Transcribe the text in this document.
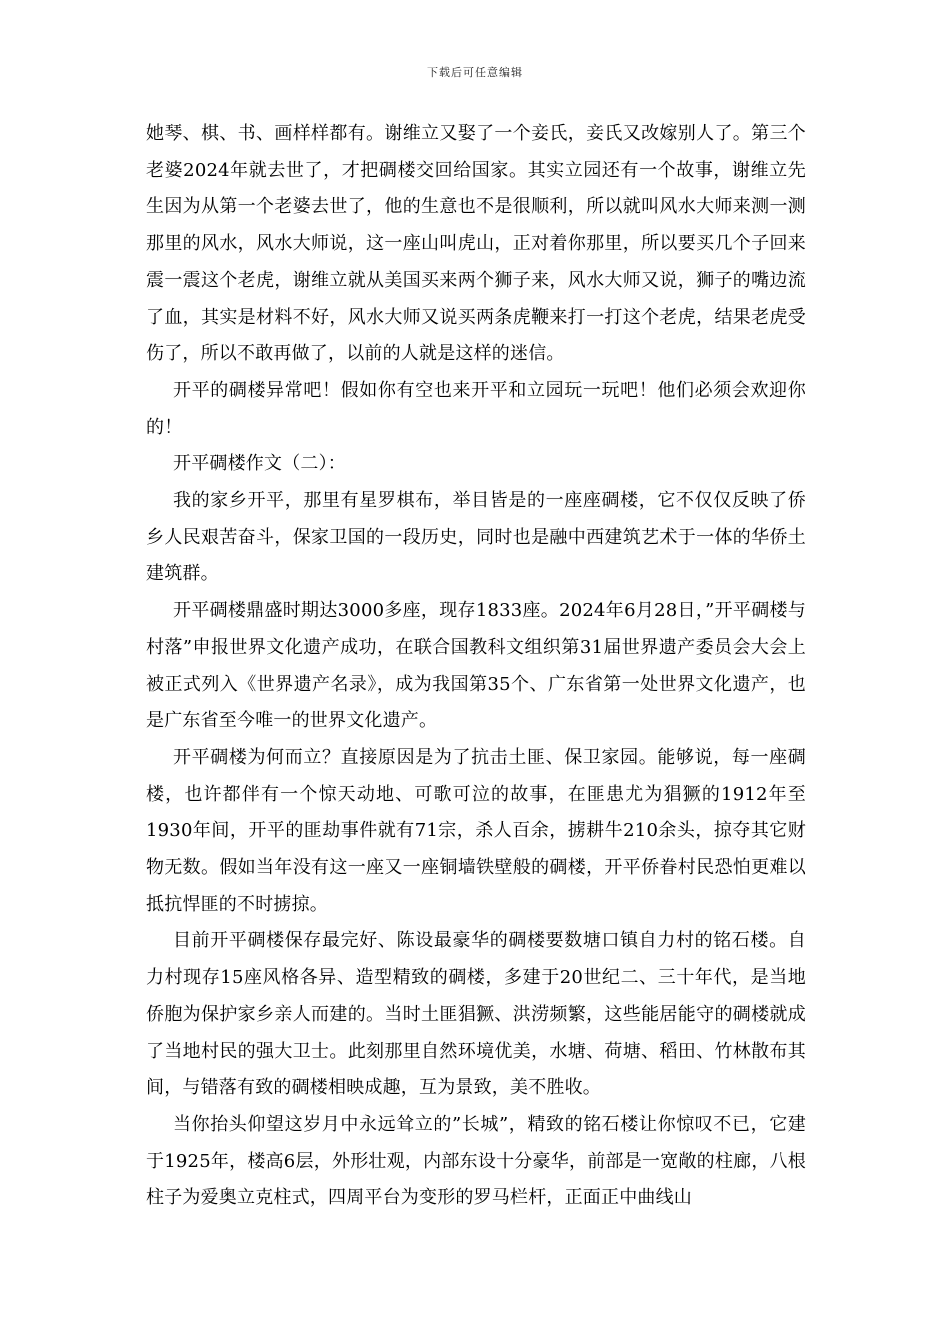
下载后可任意编辑

她琴、棋、书、画样样都有。谢维立又娶了一个妾氏，妾氏又改嫁别人了。第三个老婆2024年就去世了，才把碉楼交回给国家。其实立园还有一个故事，谢维立先生因为从第一个老婆去世了，他的生意也不是很顺利，所以就叫风水大师来测一测那里的风水，风水大师说，这一座山叫虎山，正对着你那里，所以要买几个子回来震一震这个老虎，谢维立就从美国买来两个狮子来，风水大师又说，狮子的嘴边流了血，其实是材料不好，风水大师又说买两条虎鞭来打一打这个老虎，结果老虎受伤了，所以不敢再做了，以前的人就是这样的迷信。

开平的碉楼异常吧！假如你有空也来开平和立园玩一玩吧！他们必须会欢迎你的！

开平碉楼作文（二）：

我的家乡开平，那里有星罗棋布，举目皆是的一座座碉楼，它不仅仅反映了侨乡人民艰苦奋斗，保家卫国的一段历史，同时也是融中西建筑艺术于一体的华侨土建筑群。

开平碉楼鼎盛时期达3000多座，现存1833座。2024年6月28日，”开平碉楼与村落”申报世界文化遗产成功，在联合国教科文组织第31届世界遗产委员会大会上被正式列入《世界遗产名录》，成为我国第35个、广东省第一处世界文化遗产，也是广东省至今唯一的世界文化遗产。

开平碉楼为何而立？直接原因是为了抗击土匪、保卫家园。能够说，每一座碉楼，也许都伴有一个惊天动地、可歌可泣的故事，在匪患尤为猖獗的1912年至1930年间，开平的匪劫事件就有71宗，杀人百余，掳耕牛210余头，掠夺其它财物无数。假如当年没有这一座又一座铜墙铁壁般的碉楼，开平侨眷村民恐怕更难以抵抗悍匪的不时掳掠。

目前开平碉楼保存最完好、陈设最豪华的碉楼要数塘口镇自力村的铭石楼。自力村现存15座风格各异、造型精致的碉楼，多建于20世纪二、三十年代，是当地侨胞为保护家乡亲人而建的。当时土匪猖獗、洪涝频繁，这些能居能守的碉楼就成了当地村民的强大卫士。此刻那里自然环境优美，水塘、荷塘、稻田、竹林散布其间，与错落有致的碉楼相映成趣，互为景致，美不胜收。

当你抬头仰望这岁月中永远耸立的”长城”，精致的铭石楼让你惊叹不已，它建于1925年，楼高6层，外形壮观，内部东设十分豪华，前部是一宽敞的柱廊，八根柱子为爱奥立克柱式，四周平台为变形的罗马栏杆，正面正中曲线山
